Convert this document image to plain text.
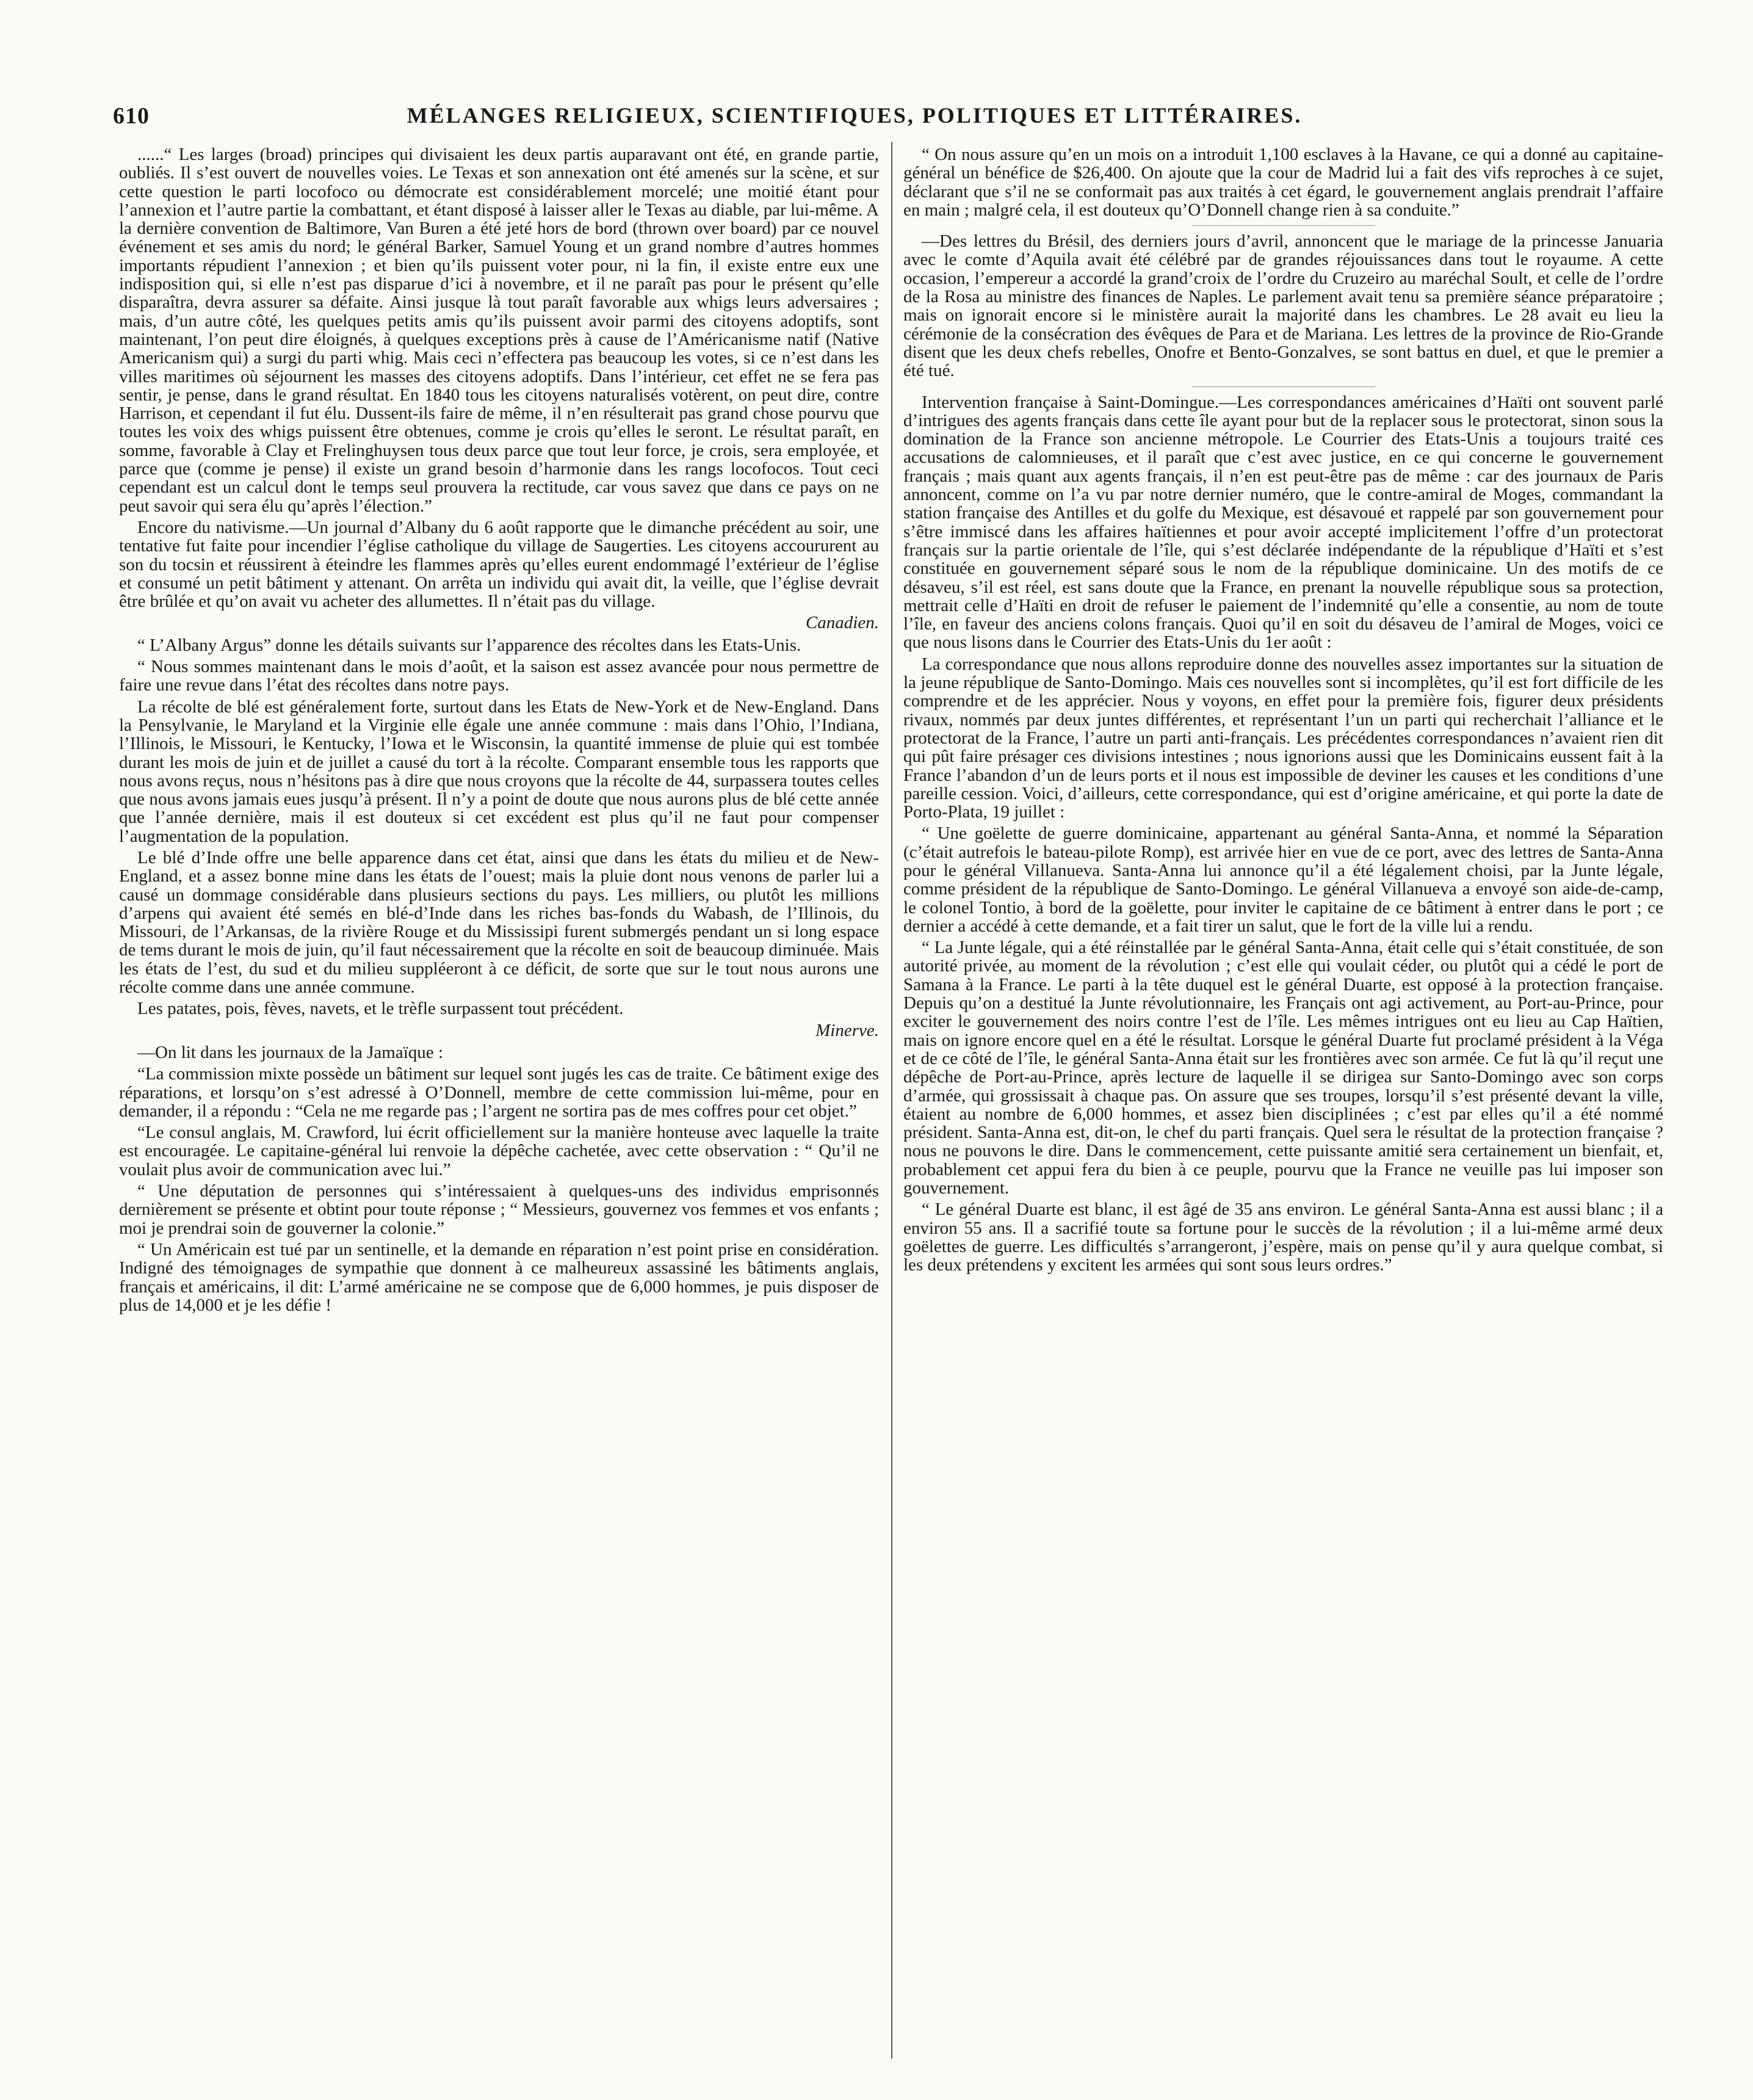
610	MÉLANGES RELIGIEUX, SCIENTIFIQUES, POLITIQUES ET LITTÉRAIRES.

......“ Les larges (broad) principes qui divisaient les deux partis auparavant ont été, en grande partie, oubliés. Il s’est ouvert de nouvelles voies. Le Texas et son annexation ont été amenés sur la scène, et sur cette question le parti locofoco ou démocrate est considérablement morcelé; une moitié étant pour l’annexion et l’autre partie la combattant, et étant disposé à laisser aller le Texas au diable, par lui-même. A la dernière convention de Baltimore, Van Buren a été jeté hors de bord (thrown over board) par ce nouvel événement et ses amis du nord; le général Barker, Samuel Young et un grand nombre d’autres hommes importants répudient l’annexion ; et bien qu’ils puissent voter pour, ni la fin, il existe entre eux une indisposition qui, si elle n’est pas disparue d’ici à novembre, et il ne paraît pas pour le présent qu’elle disparaîtra, devra assurer sa défaite. Ainsi jusque là tout paraît favorable aux whigs leurs adversaires ; mais, d’un autre côté, les quelques petits amis qu’ils puissent avoir parmi des citoyens adoptifs, sont maintenant, l’on peut dire éloignés, à quelques exceptions près à cause de l’Américanisme natif (Native Americanism qui) a surgi du parti whig. Mais ceci n’effectera pas beaucoup les votes, si ce n’est dans les villes maritimes où séjournent les masses des citoyens adoptifs. Dans l’intérieur, cet effet ne se fera pas sentir, je pense, dans le grand résultat. En 1840 tous les citoyens naturalisés votèrent, on peut dire, contre Harrison, et cependant il fut élu. Dussent-ils faire de même, il n’en résulterait pas grand chose pourvu que toutes les voix des whigs puissent être obtenues, comme je crois qu’elles le seront. Le résultat paraît, en somme, favorable à Clay et Frelinghuysen tous deux parce que tout leur force, je crois, sera employée, et parce que (comme je pense) il existe un grand besoin d’harmonie dans les rangs locofocos. Tout ceci cependant est un calcul dont le temps seul prouvera la rectitude, car vous savez que dans ce pays on ne peut savoir qui sera élu qu’après l’élection.”

Encore du nativisme.—Un journal d’Albany du 6 août rapporte que le dimanche précédent au soir, une tentative fut faite pour incendier l’église catholique du village de Saugerties. Les citoyens accoururent au son du tocsin et réussirent à éteindre les flammes après qu’elles eurent endommagé l’extérieur de l’église et consumé un petit bâtiment y attenant. On arrêta un individu qui avait dit, la veille, que l’église devrait être brûlée et qu’on avait vu acheter des allumettes. Il n’était pas du village.

Canadien.

“ L’Albany Argus” donne les détails suivants sur l’apparence des récoltes dans les Etats-Unis.

“ Nous sommes maintenant dans le mois d’août, et la saison est assez avancée pour nous permettre de faire une revue dans l’état des récoltes dans notre pays.

La récolte de blé est généralement forte, surtout dans les Etats de New-York et de New-England. Dans la Pensylvanie, le Maryland et la Virginie elle égale une année commune : mais dans l’Ohio, l’Indiana, l’Illinois, le Missouri, le Kentucky, l’Iowa et le Wisconsin, la quantité immense de pluie qui est tombée durant les mois de juin et de juillet a causé du tort à la récolte. Comparant ensemble tous les rapports que nous avons reçus, nous n’hésitons pas à dire que nous croyons que la récolte de 44, surpassera toutes celles que nous avons jamais eues jusqu’à présent. Il n’y a point de doute que nous aurons plus de blé cette année que l’année dernière, mais il est douteux si cet excédent est plus qu’il ne faut pour compenser l’augmentation de la population.

Le blé d’Inde offre une belle apparence dans cet état, ainsi que dans les états du milieu et de New-England, et a assez bonne mine dans les états de l’ouest; mais la pluie dont nous venons de parler lui a causé un dommage considérable dans plusieurs sections du pays. Les milliers, ou plutôt les millions d’arpens qui avaient été semés en blé-d’Inde dans les riches bas-fonds du Wabash, de l’Illinois, du Missouri, de l’Arkansas, de la rivière Rouge et du Mississipi furent submergés pendant un si long espace de tems durant le mois de juin, qu’il faut nécessairement que la récolte en soit de beaucoup diminuée. Mais les états de l’est, du sud et du milieu suppléeront à ce déficit, de sorte que sur le tout nous aurons une récolte comme dans une année commune.

Les patates, pois, fèves, navets, et le trèfle surpassent tout précédent.

Minerve.

—On lit dans les journaux de la Jamaïque :

“La commission mixte possède un bâtiment sur lequel sont jugés les cas de traite. Ce bâtiment exige des réparations, et lorsqu’on s’est adressé à O’Donnell, membre de cette commission lui-même, pour en demander, il a répondu : “Cela ne me regarde pas ; l’argent ne sortira pas de mes coffres pour cet objet.”

“Le consul anglais, M. Crawford, lui écrit officiellement sur la manière honteuse avec laquelle la traite est encouragée. Le capitaine-général lui renvoie la dépêche cachetée, avec cette observation : “ Qu’il ne voulait plus avoir de communication avec lui.”

“ Une députation de personnes qui s’intéressaient à quelques-uns des individus emprisonnés dernièrement se présente et obtint pour toute réponse ; “ Messieurs, gouvernez vos femmes et vos enfants ; moi je prendrai soin de gouverner la colonie.”

“ Un Américain est tué par un sentinelle, et la demande en réparation n’est point prise en considération. Indigné des témoignages de sympathie que donnent à ce malheureux assassiné les bâtiments anglais, français et américains, il dit: L’armé américaine ne se compose que de 6,000 hommes, je puis disposer de plus de 14,000 et je les défie !

“ On nous assure qu’en un mois on a introduit 1,100 esclaves à la Havane, ce qui a donné au capitaine-général un bénéfice de $26,400. On ajoute que la cour de Madrid lui a fait des vifs reproches à ce sujet, déclarant que s’il ne se conformait pas aux traités à cet égard, le gouvernement anglais prendrait l’affaire en main ; malgré cela, il est douteux qu’O’Donnell change rien à sa conduite.”

—Des lettres du Brésil, des derniers jours d’avril, annoncent que le mariage de la princesse Januaria avec le comte d’Aquila avait été célébré par de grandes réjouissances dans tout le royaume. A cette occasion, l’empereur a accordé la grand’croix de l’ordre du Cruzeiro au maréchal Soult, et celle de l’ordre de la Rosa au ministre des finances de Naples. Le parlement avait tenu sa première séance préparatoire ; mais on ignorait encore si le ministère aurait la majorité dans les chambres. Le 28 avait eu lieu la cérémonie de la consécration des évêques de Para et de Mariana. Les lettres de la province de Rio-Grande disent que les deux chefs rebelles, Onofre et Bento-Gonzalves, se sont battus en duel, et que le premier a été tué.

Intervention française à Saint-Domingue.—Les correspondances américaines d’Haïti ont souvent parlé d’intrigues des agents français dans cette île ayant pour but de la replacer sous le protectorat, sinon sous la domination de la France son ancienne métropole. Le Courrier des Etats-Unis a toujours traité ces accusations de calomnieuses, et il paraît que c’est avec justice, en ce qui concerne le gouvernement français ; mais quant aux agents français, il n’en est peut-être pas de même : car des journaux de Paris annoncent, comme on l’a vu par notre dernier numéro, que le contre-amiral de Moges, commandant la station française des Antilles et du golfe du Mexique, est désavoué et rappelé par son gouvernement pour s’être immiscé dans les affaires haïtiennes et pour avoir accepté implicitement l’offre d’un protectorat français sur la partie orientale de l’île, qui s’est déclarée indépendante de la république d’Haïti et s’est constituée en gouvernement séparé sous le nom de la république dominicaine. Un des motifs de ce désaveu, s’il est réel, est sans doute que la France, en prenant la nouvelle république sous sa protection, mettrait celle d’Haïti en droit de refuser le paiement de l’indemnité qu’elle a consentie, au nom de toute l’île, en faveur des anciens colons français. Quoi qu’il en soit du désaveu de l’amiral de Moges, voici ce que nous lisons dans le Courrier des Etats-Unis du 1er août :

La correspondance que nous allons reproduire donne des nouvelles assez importantes sur la situation de la jeune république de Santo-Domingo. Mais ces nouvelles sont si incomplètes, qu’il est fort difficile de les comprendre et de les apprécier. Nous y voyons, en effet pour la première fois, figurer deux présidents rivaux, nommés par deux juntes différentes, et représentant l’un un parti qui recherchait l’alliance et le protectorat de la France, l’autre un parti anti-français. Les précédentes correspondances n’avaient rien dit qui pût faire présager ces divisions intestines ; nous ignorions aussi que les Dominicains eussent fait à la France l’abandon d’un de leurs ports et il nous est impossible de deviner les causes et les conditions d’une pareille cession. Voici, d’ailleurs, cette correspondance, qui est d’origine américaine, et qui porte la date de Porto-Plata, 19 juillet :

“ Une goëlette de guerre dominicaine, appartenant au général Santa-Anna, et nommé la Séparation (c’était autrefois le bateau-pilote Romp), est arrivée hier en vue de ce port, avec des lettres de Santa-Anna pour le général Villanueva. Santa-Anna lui annonce qu’il a été légalement choisi, par la Junte légale, comme président de la république de Santo-Domingo. Le général Villanueva a envoyé son aide-de-camp, le colonel Tontio, à bord de la goëlette, pour inviter le capitaine de ce bâtiment à entrer dans le port ; ce dernier a accédé à cette demande, et a fait tirer un salut, que le fort de la ville lui a rendu.

“ La Junte légale, qui a été réinstallée par le général Santa-Anna, était celle qui s’était constituée, de son autorité privée, au moment de la révolution ; c’est elle qui voulait céder, ou plutôt qui a cédé le port de Samana à la France. Le parti à la tête duquel est le général Duarte, est opposé à la protection française. Depuis qu’on a destitué la Junte révolutionnaire, les Français ont agi activement, au Port-au-Prince, pour exciter le gouvernement des noirs contre l’est de l’île. Les mêmes intrigues ont eu lieu au Cap Haïtien, mais on ignore encore quel en a été le résultat. Lorsque le général Duarte fut proclamé président à la Véga et de ce côté de l’île, le général Santa-Anna était sur les frontières avec son armée. Ce fut là qu’il reçut une dépêche de Port-au-Prince, après lecture de laquelle il se dirigea sur Santo-Domingo avec son corps d’armée, qui grossissait à chaque pas. On assure que ses troupes, lorsqu’il s’est présenté devant la ville, étaient au nombre de 6,000 hommes, et assez bien disciplinées ; c’est par elles qu’il a été nommé président. Santa-Anna est, dit-on, le chef du parti français. Quel sera le résultat de la protection française ? nous ne pouvons le dire. Dans le commencement, cette puissante amitié sera certainement un bienfait, et, probablement cet appui fera du bien à ce peuple, pourvu que la France ne veuille pas lui imposer son gouvernement.

“ Le général Duarte est blanc, il est âgé de 35 ans environ. Le général Santa-Anna est aussi blanc ; il a environ 55 ans. Il a sacrifié toute sa fortune pour le succès de la révolution ; il a lui-même armé deux goëlettes de guerre. Les difficultés s’arrangeront, j’espère, mais on pense qu’il y aura quelque combat, si les deux prétendens y excitent les armées qui sont sous leurs ordres.”
